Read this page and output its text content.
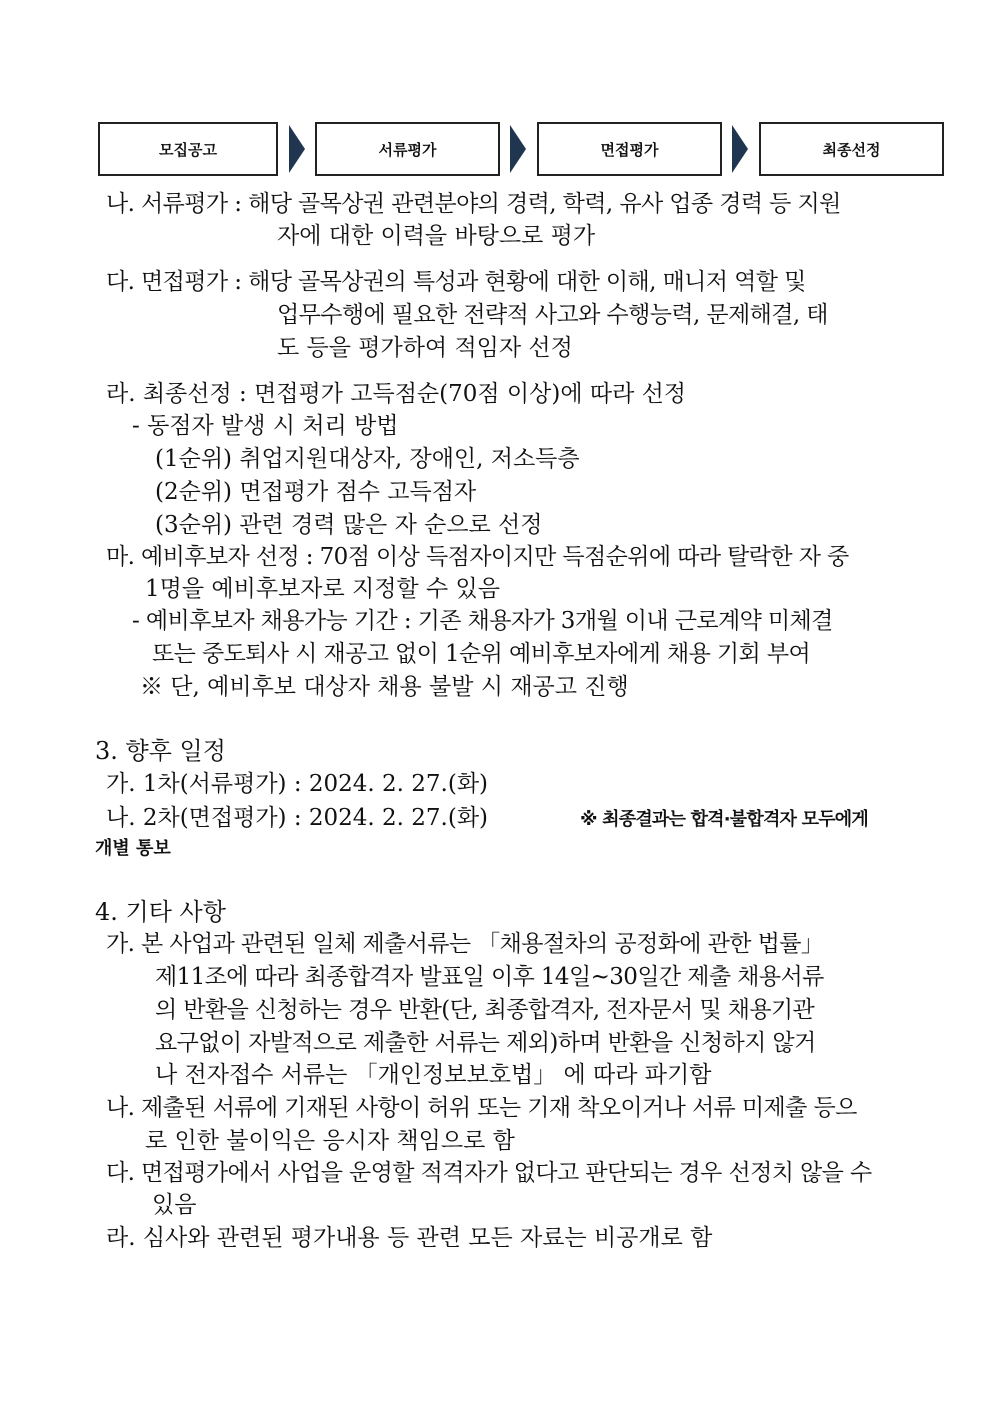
모집공고	서류평가	면접평가	최종선정
나. 서류평가 : 해당 골목상권 관련분야의 경력, 학력, 유사 업종 경력 등 지원
자에 대한 이력을 바탕으로 평가
다. 면접평가 : 해당 골목상권의 특성과 현황에 대한 이해, 매니저 역할 및
업무수행에 필요한 전략적 사고와 수행능력, 문제해결, 태
도 등을 평가하여 적임자 선정
라. 최종선정 : 면접평가 고득점순(70점 이상)에 따라 선정
- 동점자 발생 시 처리 방법
(1순위) 취업지원대상자, 장애인, 저소득층
(2순위) 면접평가 점수 고득점자
(3순위) 관련 경력 많은 자 순으로 선정
마. 예비후보자 선정 : 70점 이상 득점자이지만 득점순위에 따라 탈락한 자 중
1명을 예비후보자로 지정할 수 있음
- 예비후보자 채용가능 기간 : 기존 채용자가 3개월 이내 근로계약 미체결
또는 중도퇴사 시 재공고 없이 1순위 예비후보자에게 채용 기회 부여
※ 단, 예비후보 대상자 채용 불발 시 재공고 진행
3. 향후 일정
가. 1차(서류평가) : 2024. 2. 27.(화)
나. 2차(면접평가) : 2024. 2. 27.(화)	※ 최종결과는 합격·불합격자 모두에게
개별 통보
4. 기타 사항
가. 본 사업과 관련된 일체 제출서류는 「채용절차의 공정화에 관한 법률」
제11조에 따라 최종합격자 발표일 이후 14일~30일간 제출 채용서류
의 반환을 신청하는 경우 반환(단, 최종합격자, 전자문서 및 채용기관
요구없이 자발적으로 제출한 서류는 제외)하며 반환을 신청하지 않거
나 전자접수 서류는 「개인정보보호법」 에 따라 파기함
나. 제출된 서류에 기재된 사항이 허위 또는 기재 착오이거나 서류 미제출 등으
로 인한 불이익은 응시자 책임으로 함
다. 면접평가에서 사업을 운영할 적격자가 없다고 판단되는 경우 선정치 않을 수
있음
라. 심사와 관련된 평가내용 등 관련 모든 자료는 비공개로 함
